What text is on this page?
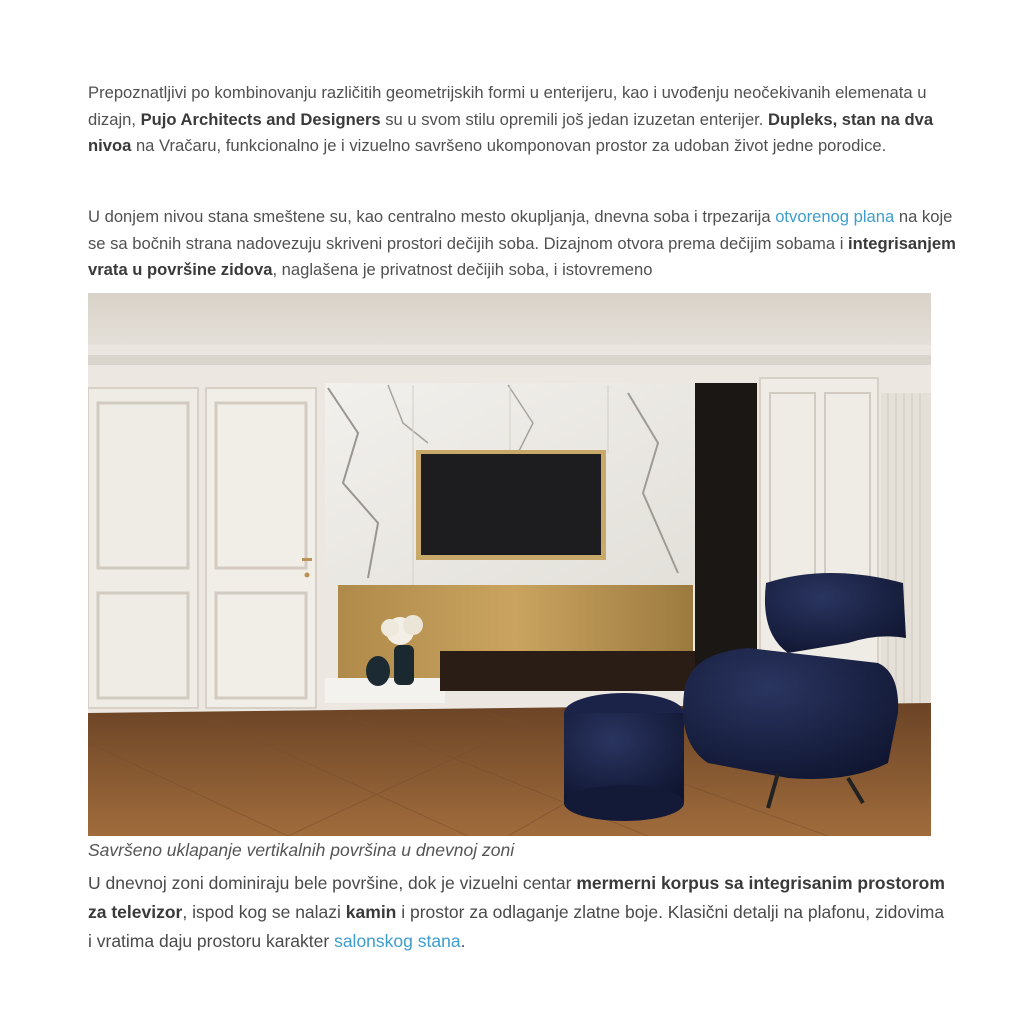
Prepoznatljivi po kombinovanju različitih geometrijskih formi u enterijeru, kao i uvođenju neočekivanih elemenata u dizajn, Pujo Architects and Designers su u svom stilu opremili još jedan izuzetan enterijer. Dupleks, stan na dva nivoa na Vračaru, funkcionalno je i vizuelno savršeno ukomponovan prostor za udoban život jedne porodice.

U donjem nivou stana smeštene su, kao centralno mesto okupljanja, dnevna soba i trpezarija otvorenog plana na koje se sa bočnih strana nadovezuju skriveni prostori dečijih soba. Dizajnom otvora prema dečijim sobama i integrisanjem vrata u površine zidova, naglašena je privatnost dečijih soba, i istovremeno

Savršeno uklapanje vertikalnih površina u dnevnoj zoni

U dnevnoj zoni dominiraju bele površine, dok je vizuelni centar mermerni korpus sa integrisanim prostorom za televizor, ispod kog se nalazi kamin i prostor za odlaganje zlatne boje. Klasični detalji na plafonu, zidovima i vratima daju prostoru karakter salonskog stana.
